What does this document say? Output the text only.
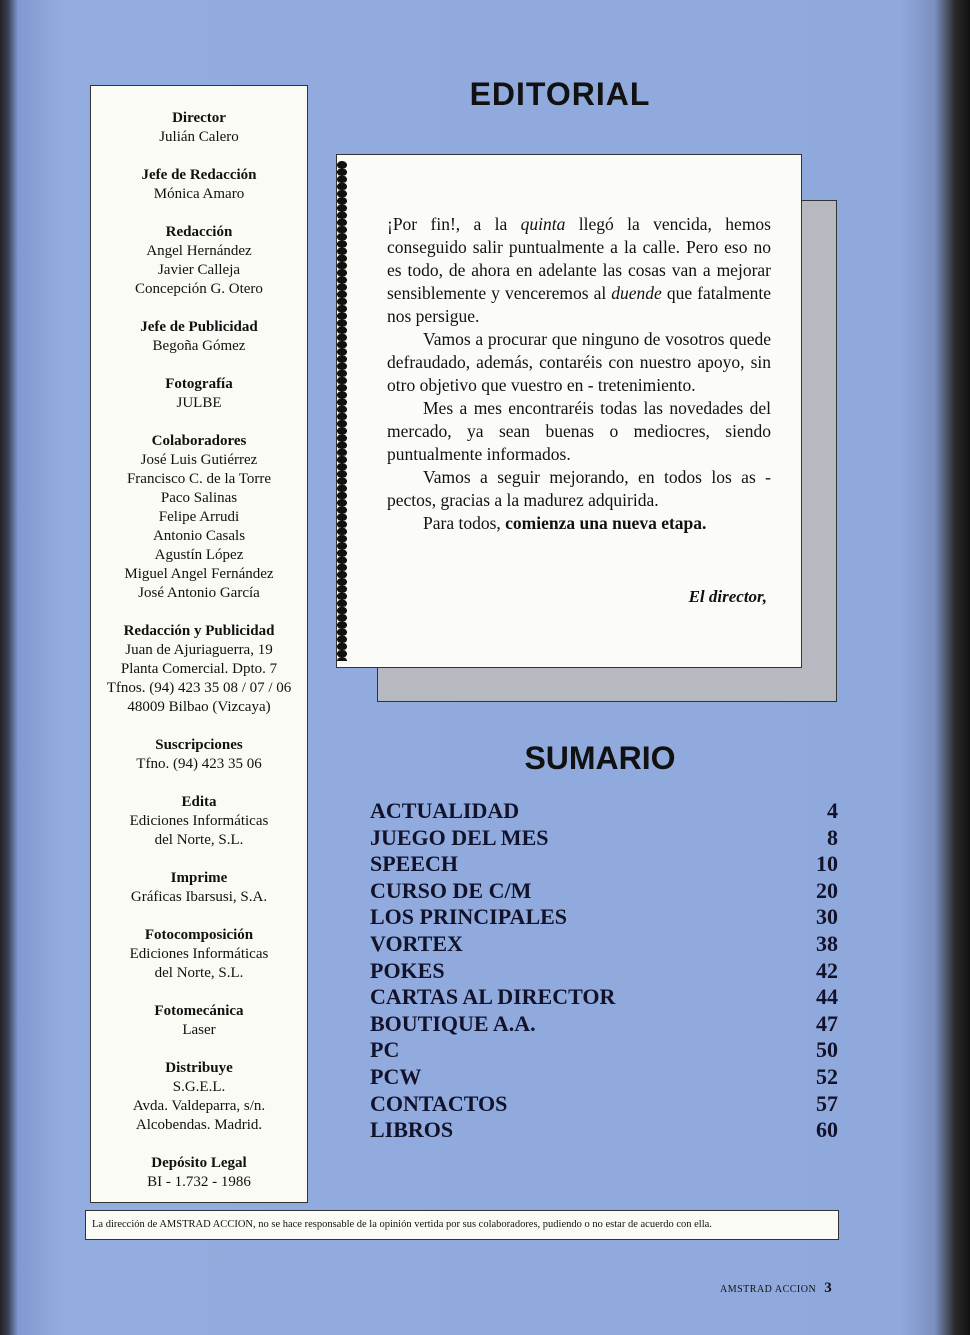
Director
Julián Calero
Jefe de Redacción
Mónica Amaro
Redacción
Angel Hernández
Javier Calleja
Concepción G. Otero
Jefe de Publicidad
Begoña Gómez
Fotografía
JULBE
Colaboradores
José Luis Gutiérrez
Francisco C. de la Torre
Paco Salinas
Felipe Arrudi
Antonio Casals
Agustín López
Miguel Angel Fernández
José Antonio García
Redacción y Publicidad
Juan de Ajuriaguerra, 19
Planta Comercial. Dpto. 7
Tfnos. (94) 423 35 08 / 07 / 06
48009 Bilbao (Vizcaya)
Suscripciones
Tfno. (94) 423 35 06
Edita
Ediciones Informáticas
del Norte, S.L.
Imprime
Gráficas Ibarsusi, S.A.
Fotocomposición
Ediciones Informáticas
del Norte, S.L.
Fotomecánica
Laser
Distribuye
S.G.E.L.
Avda. Valdeparra, s/n.
Alcobendas. Madrid.
Depósito Legal
BI - 1.732 - 1986
EDITORIAL

¡Por fin!, a la quinta llegó la vencida, hemos conseguido salir puntualmente a la calle. Pero eso no es todo, de ahora en adelante las cosas van a mejorar sensiblemente y venceremos al duende que fatalmente nos persigue.

Vamos a procurar que ninguno de vosotros quede defraudado, además, contaréis con nuestro apoyo, sin otro objetivo que vuestro en - tretenimiento.

Mes a mes encontraréis todas las novedades del mercado, ya sean buenas o mediocres, siendo puntualmente informados.

Vamos a seguir mejorando, en todos los as - pectos, gracias a la madurez adquirida.

Para todos, comienza una nueva etapa.

El director,
SUMARIO
ACTUALIDAD	4
JUEGO DEL MES	8
SPEECH	10
CURSO DE C/M	20
LOS PRINCIPALES	30
VORTEX	38
POKES	42
CARTAS AL DIRECTOR	44
BOUTIQUE A.A.	47
PC	50
PCW	52
CONTACTOS	57
LIBROS	60
La dirección de AMSTRAD ACCION, no se hace responsable de la opinión vertida por sus colaboradores, pudiendo o no estar de acuerdo con ella.
AMSTRAD ACCION 3
